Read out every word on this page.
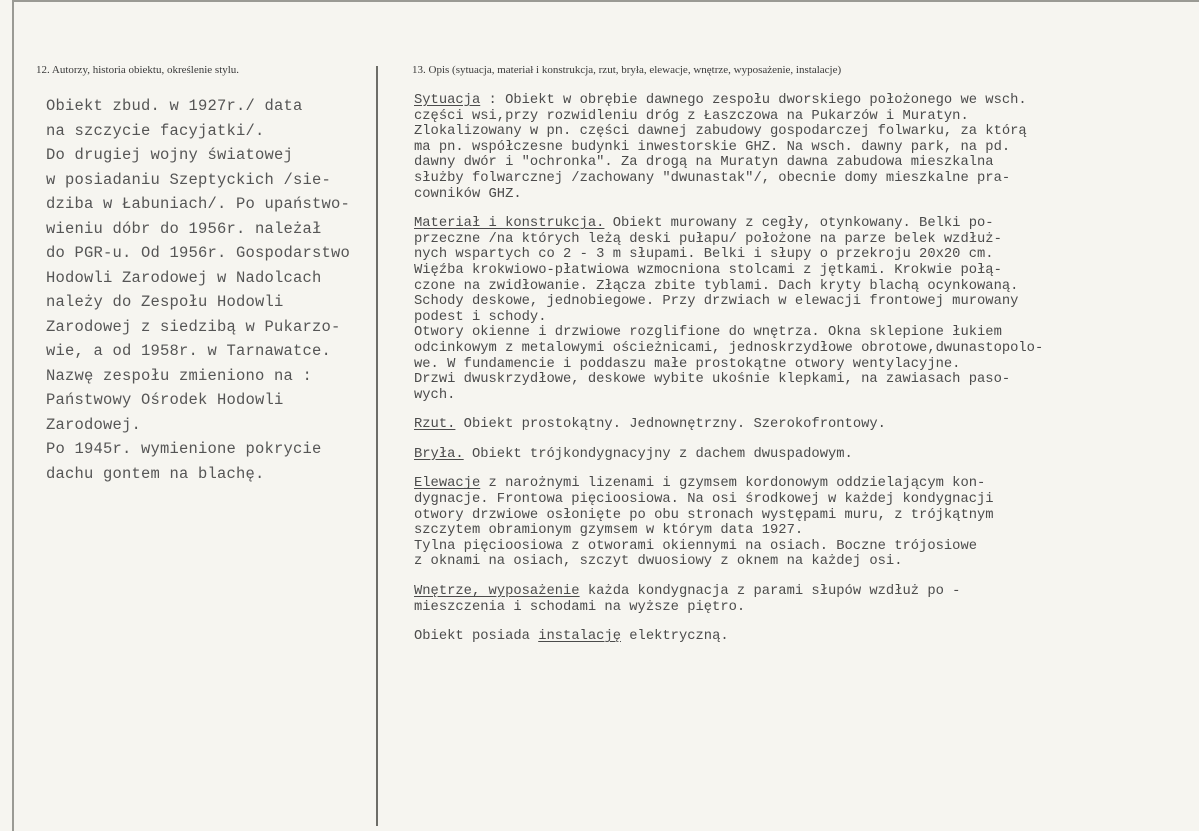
12. Autorzy, historia obiektu, określenie stylu.	13. Opis (sytuacja, materiał i konstrukcja, rzut, bryła, elewacje, wnętrze, wyposażenie, instalacje)
Obiekt zbud. w 1927r./ data
na szczycie facyjatki/.
Do drugiej wojny światowej
w posiadaniu Szeptyckich /sie-
dziba w Łabuniach/. Po upaństwo-
wieniu dóbr do 1956r. należał
do PGR-u. Od 1956r. Gospodarstwo
Hodowli Zarodowej w Nadolcach
należy do Zespołu Hodowli
Zarodowej z siedzibą w Pukarzo-
wie, a od 1958r. w Tarnawatce.
Nazwę zespołu zmieniono na :
Państwowy Ośrodek Hodowli
Zarodowej.
Po 1945r. wymienione pokrycie
dachu gontem na blachę.
Sytuacja : Obiekt w obrębie dawnego zespołu dworskiego położonego we wsch.
części wsi,przy rozwidleniu dróg z Łaszczowa na Pukarzów i Muratyn.
Zlokalizowany w pn. części dawnej zabudowy gospodarczej folwarku, za którą
ma pn. współczesne budynki inwestorskie GHZ. Na wsch. dawny park, na pd.
dawny dwór i "ochronka". Za drogą na Muratyn dawna zabudowa mieszkalna
służby folwarcznej /zachowany "dwunastak"/, obecnie domy mieszkalne pra-
cowników GHZ.
Materiał i konstrukcja. Obiekt murowany z cegły, otynkowany. Belki po-
przeczne /na których leżą deski pułapu/ położone na parze belek wzdłuż-
nych wspartych co 2 - 3 m słupami. Belki i słupy o przekroju 20x20 cm.
Więźba krokwiowo-płatwiowa wzmocniona stolcami z jętkami. Krokwie połą-
czone na zwidłowanie. Złącza zbite tyblami. Dach kryty blachą ocynkowaną.
Schody deskowe, jednobiegowe. Przy drzwiach w elewacji frontowej murowany
podest i schody.
Otwory okienne i drzwiowe rozglifione do wnętrza. Okna sklepione łukiem
odcinkowym z metalowymi ościeżnicami, jednoskrzydłowe obrotowe,dwunastopolo-
we. W fundamencie i poddaszu małe prostokątne otwory wentylacyjne.
Drzwi dwuskrzydłowe, deskowe wybite ukośnie klepkami, na zawiasach paso-
wych.
Rzut. Obiekt prostokątny. Jednownętrzny. Szerokofrontowy.
Bryła. Obiekt trójkondygnacyjny z dachem dwuspadowym.
Elewacje z narożnymi lizenami i gzymsem kordonowym oddzielającym kon-
dygnacje. Frontowa pięcioosiowa. Na osi środkowej w każdej kondygnacji
otwory drzwiowe osłonięte po obu stronach występami muru, z trójkątnym
szczytem obramionym gzymsem w którym data 1927.
Tylna pięcioosiowa z otworami okiennymi na osiach. Boczne trójosiowe
z oknami na osiach, szczyt dwuosiowy z oknem na każdej osi.
Wnętrze, wyposażenie każda kondygnacja z parami słupów wzdłuż po -
mieszczenia i schodami na wyższe piętro.
Obiekt posiada instalację elektryczną.
